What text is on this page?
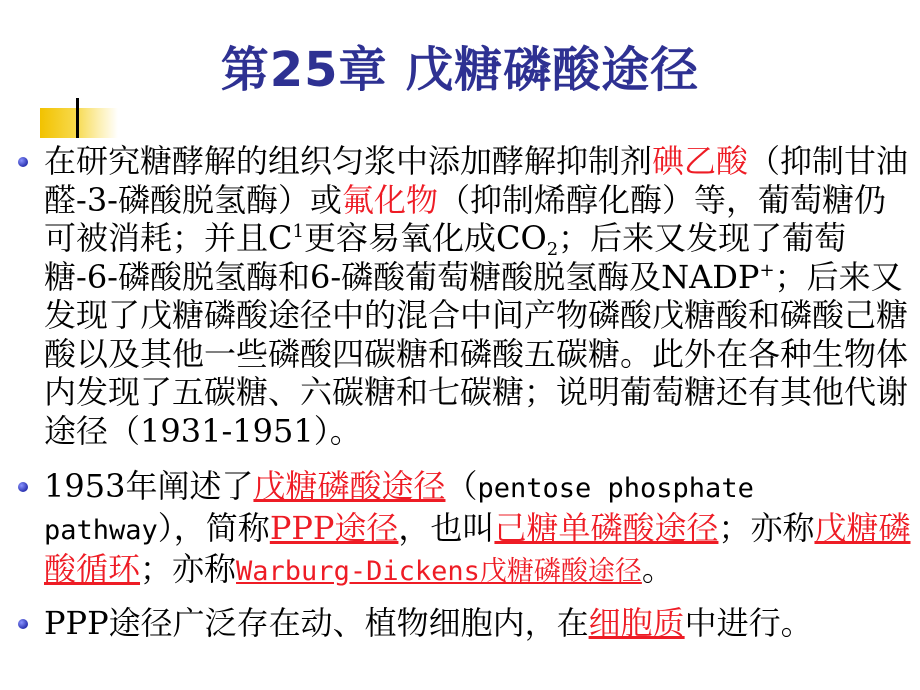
第25章 戊糖磷酸途径

在研究糖酵解的组织匀浆中添加酵解抑制剂碘乙酸（抑制甘油醛-3-磷酸脱氢酶）或氟化物（抑制烯醇化酶）等，葡萄糖仍可被消耗；并且$C^1$更容易氧化成$CO_2$；后来又发现了葡萄糖-6-磷酸脱氢酶和6-磷酸葡萄糖酸脱氢酶及NADP+；后来又发现了戊糖磷酸途径中的混合中间产物磷酸戊糖酸和磷酸己糖酸以及其他一些磷酸四碳糖和磷酸五碳糖。此外在各种生物体内发现了五碳糖、六碳糖和七碳糖；说明葡萄糖还有其他代谢途径（1931-1951）。

1953年阐述了戊糖磷酸途径（pentose phosphate pathway），简称PPP途径，也叫己糖单磷酸途径；亦称戊糖磷酸循环；亦称Warburg-Dickens戊糖磷酸途径。

PPP途径广泛存在动、植物细胞内，在细胞质中进行。
